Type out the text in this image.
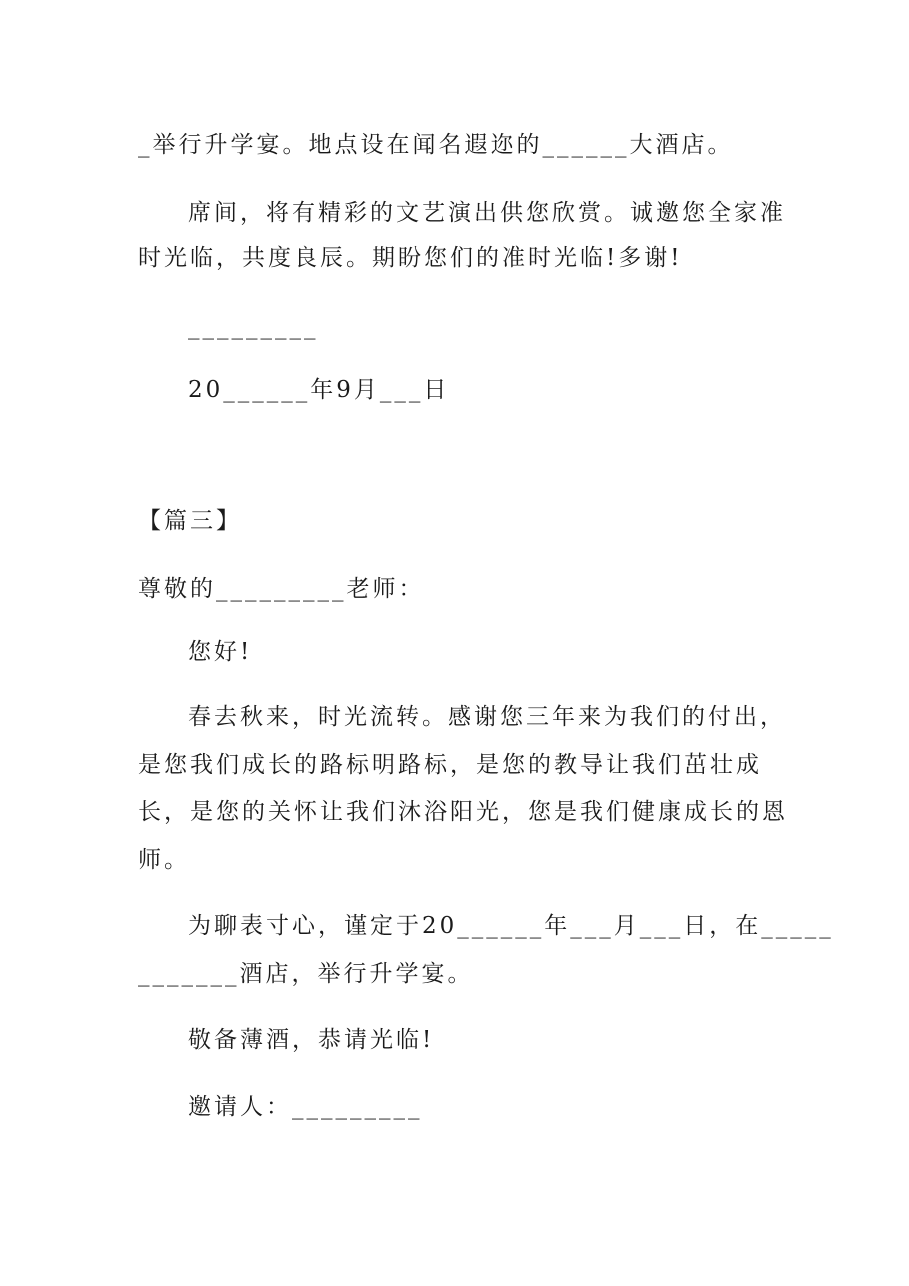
_举行升学宴。地点设在闻名遐迩的______大酒店。
席间，将有精彩的文艺演出供您欣赏。诚邀您全家准
时光临，共度良辰。期盼您们的准时光临!多谢!
_________
20______年9月___日
【篇三】
尊敬的_________老师：
您好!
春去秋来，时光流转。感谢您三年来为我们的付出，
是您我们成长的路标明路标，是您的教导让我们茁壮成
长，是您的关怀让我们沐浴阳光，您是我们健康成长的恩
师。
为聊表寸心，谨定于20______年___月___日，在_____
_______酒店，举行升学宴。
敬备薄酒，恭请光临!
邀请人：_________
